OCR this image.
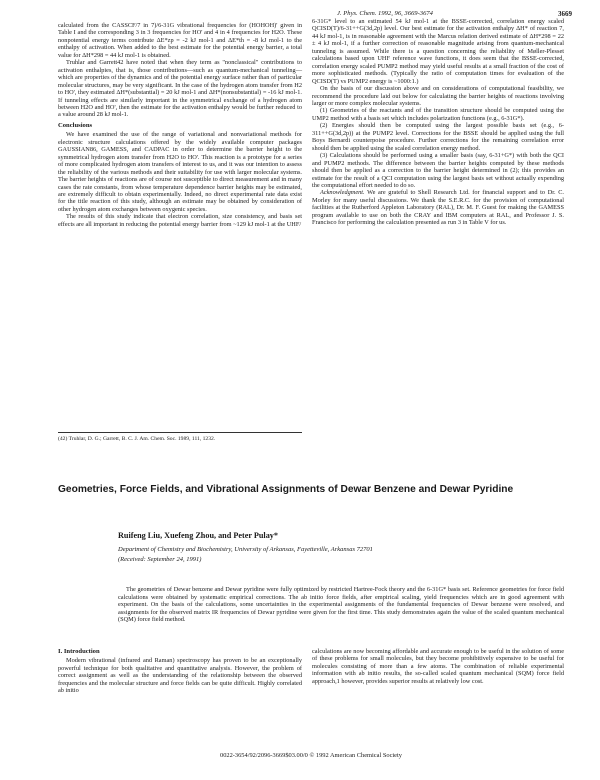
J. Phys. Chem. 1992, 96, 3669-3674	3669

calculated from the CASSCF/7 in 7)/6-31G vibrational frequencies for (HOHOH)' given in Table I and the corresponding 3 in 3 frequencies for HO' and 4 in 4 frequencies for H2O. These nonpotential energy terms contribute ΔE*zp = -2 kJ mol-1 and ΔE*th = -8 kJ mol-1 to the enthalpy of activation. When added to the best estimate for the potential energy barrier, a total value for ΔH*298 = 44 kJ mol-1 is obtained.

Truhlar and Garrett42 have noted that when they term as "nonclassical" contributions to activation enthalpies, that is, those contributions—such as quantum-mechanical tunneling—which are properties of the dynamics and of the potential energy surface rather than of particular molecular structures, may be very significant. In the case of the hydrogen atom transfer from H2 to HO', they estimated ΔH*(substantial) = 20 kJ mol-1 and ΔH*(nonsubstantial) = -16 kJ mol-1. If tunneling effects are similarly important in the symmetrical exchange of a hydrogen atom between H2O and HO', then the estimate for the activation enthalpy would be further reduced to a value around 28 kJ mol-1.

Conclusions

We have examined the use of the range of variational and nonvariational methods for electronic structure calculations offered by the widely available computer packages GAUSSIAN86, GAMESS, and CADPAC in order to determine the barrier height to the symmetrical hydrogen atom transfer from H2O to HO'. This reaction is a prototype for a series of more complicated hydrogen atom transfers of interest to us, and it was our intention to assess the reliability of the various methods and their suitability for use with larger molecular systems. The barrier heights of reactions are of course not susceptible to direct measurement and in many cases the rate constants, from whose temperature dependence barrier heights may be estimated, are extremely difficult to obtain experimentally. Indeed, no direct experimental rate data exist for the title reaction of this study, although an estimate may be obtained by consideration of other hydrogen atom exchanges between oxygenic species.

The results of this study indicate that electron correlation, size consistency, and basis set effects are all important in reducing the potential energy barrier from ~129 kJ mol-1 at the UHF/

6-31G* level to an estimated 54 kJ mol-1 at the BSSE-corrected, correlation energy scaled QCISD(T)/6-31++G(3d,2p) level. Our best estimate for the activation enthalpy ΔH* of reaction 7, 44 kJ mol-1, is in reasonable agreement with the Marcus relation derived estimate of ΔH*298 = 22 ± 4 kJ mol-1, if a further correction of reasonable magnitude arising from quantum-mechanical tunneling is assumed. While there is a question concerning the reliability of Møller-Plesset calculations based upon UHF reference wave functions, it does seem that the BSSE-corrected, correlation energy scaled PUMP2 method may yield useful results at a small fraction of the cost of more sophisticated methods. (Typically the ratio of computation times for evaluation of the QCISD(T) vs PUMP2 energy is ~1000:1.)

On the basis of our discussion above and on considerations of computational feasibility, we recommend the procedure laid out below for calculating the barrier heights of reactions involving larger or more complex molecular systems.

(1) Geometries of the reactants and of the transition structure should be computed using the UMP2 method with a basis set which includes polarization functions (e.g., 6-31G*).

(2) Energies should then be computed using the largest possible basis set (e.g., 6-311++G(3d,2p)) at the PUMP2 level. Corrections for the BSSE should be applied using the full Boys Bernardi counterpoise procedure. Further corrections for the remaining correlation error should then be applied using the scaled correlation energy method.

(3) Calculations should be performed using a smaller basis (say, 6-31+G*) with both the QCI and PUMP2 methods. The difference between the barrier heights computed by these methods should then be applied as a correction to the barrier height determined in (2); this provides an estimate for the result of a QCI computation using the largest basis set without actually expending the computational effort needed to do so.

Acknowledgment. We are grateful to Shell Research Ltd. for financial support and to Dr. C. Morley for many useful discussions. We thank the S.E.R.C. for the provision of computational facilities at the Rutherford Appleton Laboratory (RAL), Dr. M. F. Guest for making the GAMESS program available to use on both the CRAY and IBM computers at RAL, and Professor J. S. Francisco for performing the calculation presented as run 3 in Table V for us.

(42) Truhlar, D. G.; Garrett, B. C. J. Am. Chem. Soc. 1989, 111, 1232.
Geometries, Force Fields, and Vibrational Assignments of Dewar Benzene and Dewar Pyridine
Ruifeng Liu, Xuefeng Zhou, and Peter Pulay*
Department of Chemistry and Biochemistry, University of Arkansas, Fayetteville, Arkansas 72701
(Received: September 24, 1991)
The geometries of Dewar benzene and Dewar pyridine were fully optimized by restricted Hartree-Fock theory and the 6-31G* basis set. Reference geometries for force field calculations were obtained by systematic empirical corrections. The ab initio force fields, after empirical scaling, yield frequencies which are in good agreement with experiment. On the basis of the calculations, some uncertainties in the experimental assignments of the fundamental frequencies of Dewar benzene were resolved, and assignments for the observed matrix IR frequencies of Dewar pyridine were given for the first time. This study demonstrates again the value of the scaled quantum mechanical (SQM) force field method.
I. Introduction

Modern vibrational (infrared and Raman) spectroscopy has proven to be an exceptionally powerful technique for both qualitative and quantitative analysis. However, the problem of correct assignment as well as the understanding of the relationship between the observed frequencies and the molecular structure and force fields can be quite difficult. Highly correlated ab initio

calculations are now becoming affordable and accurate enough to be useful in the solution of some of these problems for small molecules, but they become prohibitively expensive to be useful for molecules consisting of more than a few atoms. The combination of reliable experimental information with ab initio results, the so-called scaled quantum mechanical (SQM) force field approach,1 however, provides superior results at relatively low cost.

0022-3654/92/2096-3669$03.00/0 © 1992 American Chemical Society
